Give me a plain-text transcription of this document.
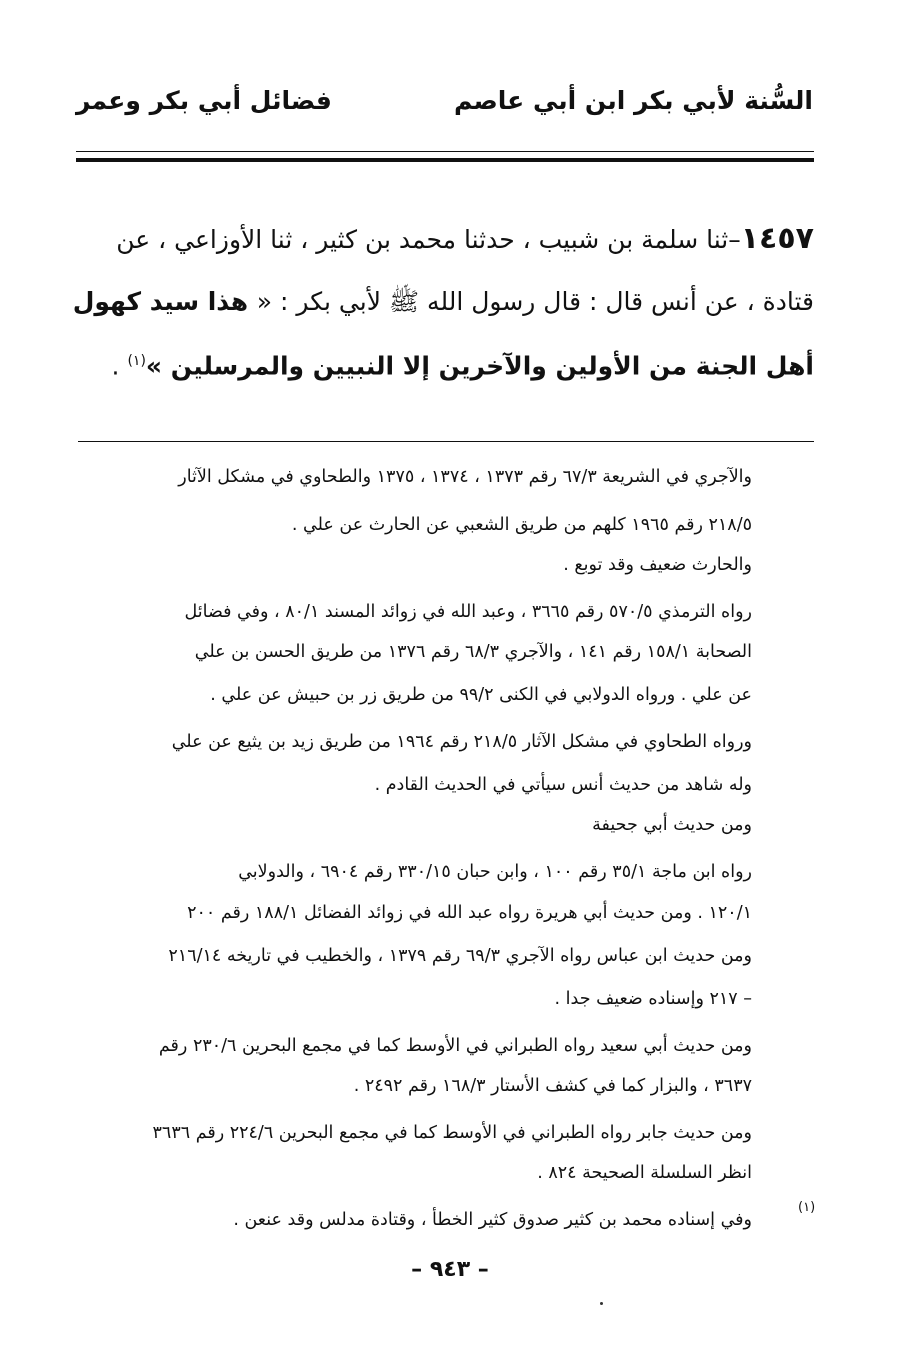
السُّنة لأبي بكر ابن أبي عاصم
فضائل أبي بكر وعمر
١٤٥٧–ثنا سلمة بن شبيب ، حدثنا محمد بن كثير ، ثنا الأوزاعي ، عن
قتادة ، عن أنس قال : قال رسول الله ﷺ لأبي بكر : « هذا سيد كهول
أهل الجنة من الأولين والآخرين إلا النبيين والمرسلين »$^{(١)}$ .
والآجري في الشريعة ٦٧/٣ رقم ١٣٧٣ ، ١٣٧٤ ، ١٣٧٥ والطحاوي في مشكل الآثار
٢١٨/٥ رقم ١٩٦٥ كلهم من طريق الشعبي عن الحارث عن علي .
والحارث ضعيف وقد توبع .
رواه الترمذي ٥٧٠/٥ رقم ٣٦٦٥ ، وعبد الله في زوائد المسند ٨٠/١ ، وفي فضائل
الصحابة ١٥٨/١ رقم ١٤١ ، والآجري ٦٨/٣ رقم ١٣٧٦ من طريق الحسن بن علي
عن علي . ورواه الدولابي في الكنى ٩٩/٢ من طريق زر بن حبيش عن علي .
ورواه الطحاوي في مشكل الآثار ٢١٨/٥ رقم ١٩٦٤ من طريق زيد بن يثيع عن علي
وله شاهد من حديث أنس سيأتي في الحديث القادم .
ومن حديث أبي جحيفة
رواه ابن ماجة ٣٥/١ رقم ١٠٠ ، وابن حبان ٣٣٠/١٥ رقم ٦٩٠٤ ، والدولابي
١٢٠/١ . ومن حديث أبي هريرة رواه عبد الله في زوائد الفضائل ١٨٨/١ رقم ٢٠٠
ومن حديث ابن عباس رواه الآجري ٦٩/٣ رقم ١٣٧٩ ، والخطيب في تاريخه ٢١٦/١٤
– ٢١٧ وإسناده ضعيف جدا .
ومن حديث أبي سعيد رواه الطبراني في الأوسط كما في مجمع البحرين ٢٣٠/٦ رقم
٣٦٣٧ ، والبزار كما في كشف الأستار ١٦٨/٣ رقم ٢٤٩٢ .
ومن حديث جابر رواه الطبراني في الأوسط كما في مجمع البحرين ٢٢٤/٦ رقم ٣٦٣٦
انظر السلسلة الصحيحة ٨٢٤ .
وفي إسناده محمد بن كثير صدوق كثير الخطأ ، وقتادة مدلس وقد عنعن .
(١)
– ٩٤٣ –
